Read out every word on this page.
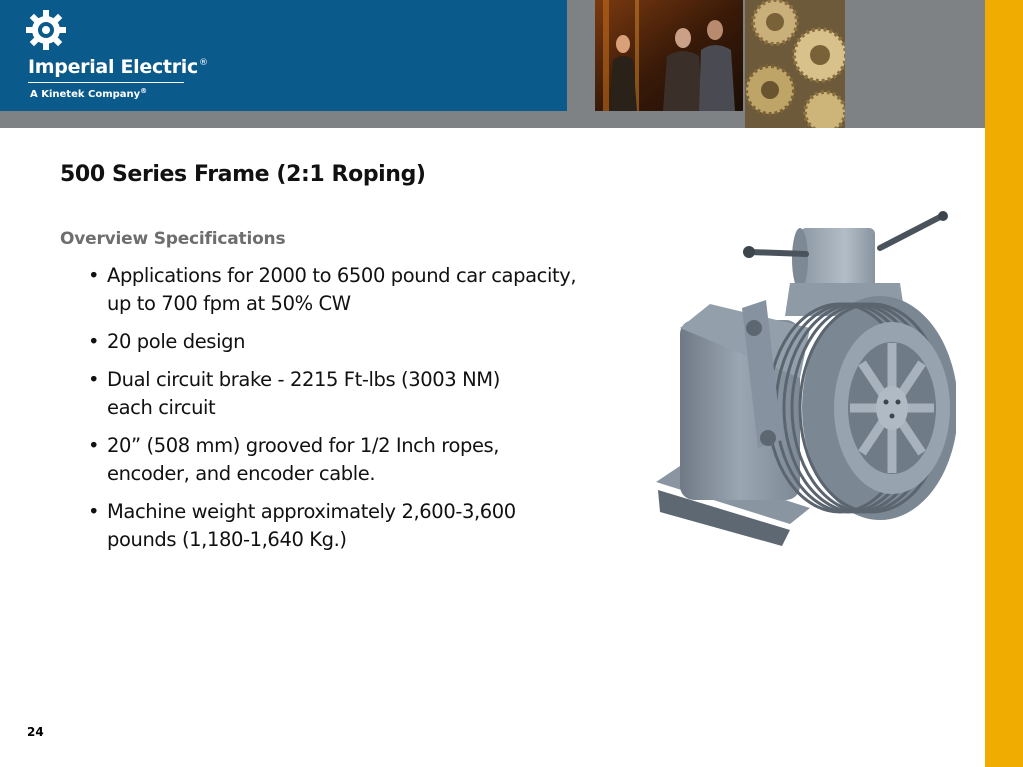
Imperial Electric®
A Kinetek Company®
500 Series Frame (2:1 Roping)
Overview Specifications
• Applications for 2000 to 6500 pound car capacity,
up to 700 fpm at 50% CW
• 20 pole design
• Dual circuit brake - 2215 Ft-lbs (3003 NM)
each circuit
• 20” (508 mm) grooved for 1/2 Inch ropes,
encoder, and encoder cable.
• Machine weight approximately 2,600-3,600
pounds (1,180-1,640 Kg.)
24
